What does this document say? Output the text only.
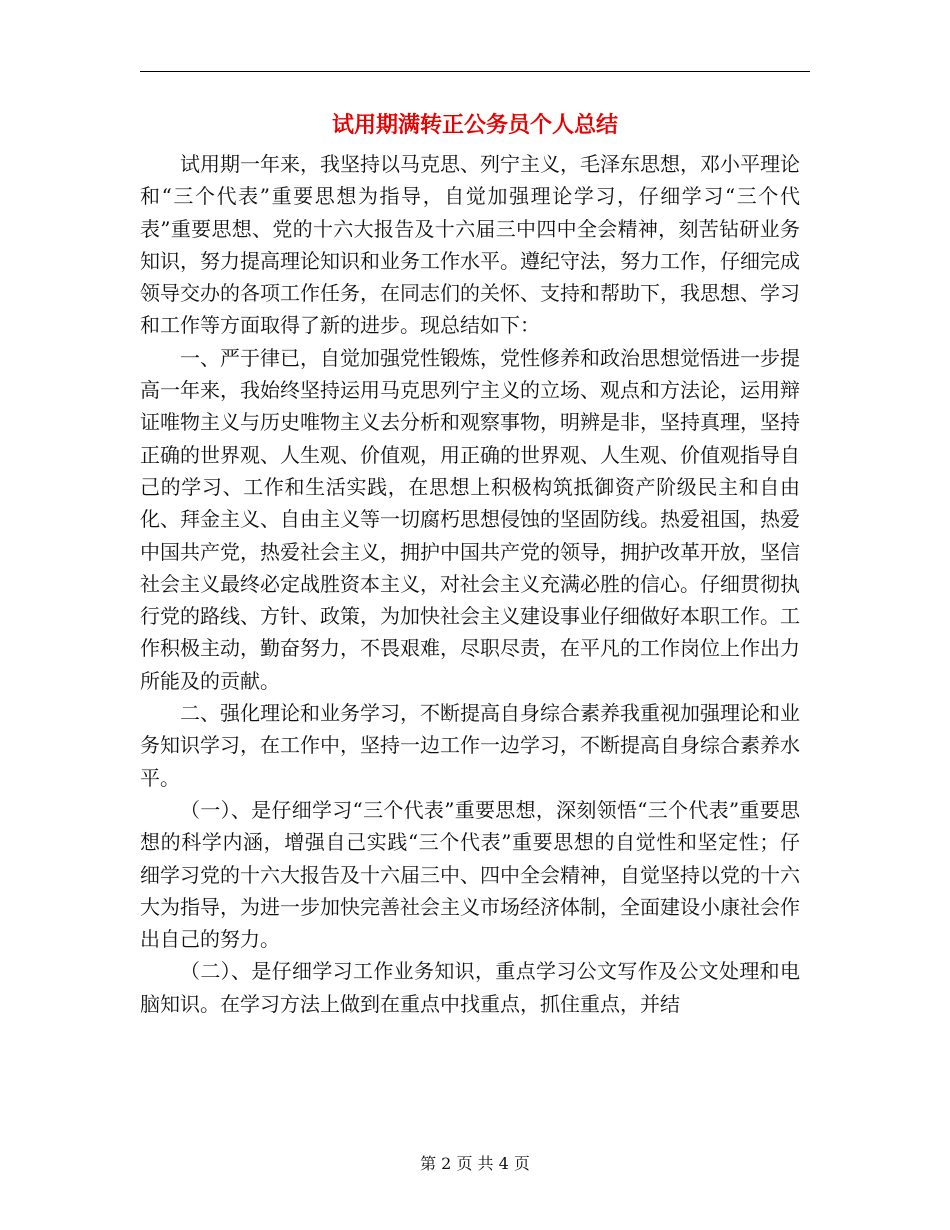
试用期满转正公务员个人总结

试用期一年来，我坚持以马克思、列宁主义，毛泽东思想，邓小平理论和“三个代表”重要思想为指导，自觉加强理论学习，仔细学习“三个代表”重要思想、党的十六大报告及十六届三中四中全会精神，刻苦钻研业务知识，努力提高理论知识和业务工作水平。遵纪守法，努力工作，仔细完成领导交办的各项工作任务，在同志们的关怀、支持和帮助下，我思想、学习和工作等方面取得了新的进步。现总结如下：

一、严于律已，自觉加强党性锻炼，党性修养和政治思想觉悟进一步提高一年来，我始终坚持运用马克思列宁主义的立场、观点和方法论，运用辩证唯物主义与历史唯物主义去分析和观察事物，明辨是非，坚持真理，坚持正确的世界观、人生观、价值观，用正确的世界观、人生观、价值观指导自己的学习、工作和生活实践，在思想上积极构筑抵御资产阶级民主和自由化、拜金主义、自由主义等一切腐朽思想侵蚀的坚固防线。热爱祖国，热爱中国共产党，热爱社会主义，拥护中国共产党的领导，拥护改革开放，坚信社会主义最终必定战胜资本主义，对社会主义充满必胜的信心。仔细贯彻执行党的路线、方针、政策，为加快社会主义建设事业仔细做好本职工作。工作积极主动，勤奋努力，不畏艰难，尽职尽责，在平凡的工作岗位上作出力所能及的贡献。

二、强化理论和业务学习，不断提高自身综合素养我重视加强理论和业务知识学习，在工作中，坚持一边工作一边学习，不断提高自身综合素养水平。

（一）、是仔细学习“三个代表”重要思想，深刻领悟“三个代表”重要思想的科学内涵，增强自己实践“三个代表”重要思想的自觉性和坚定性；仔细学习党的十六大报告及十六届三中、四中全会精神，自觉坚持以党的十六大为指导，为进一步加快完善社会主义市场经济体制，全面建设小康社会作出自己的努力。

（二）、是仔细学习工作业务知识，重点学习公文写作及公文处理和电脑知识。在学习方法上做到在重点中找重点，抓住重点，并结

第 2 页 共 4 页
